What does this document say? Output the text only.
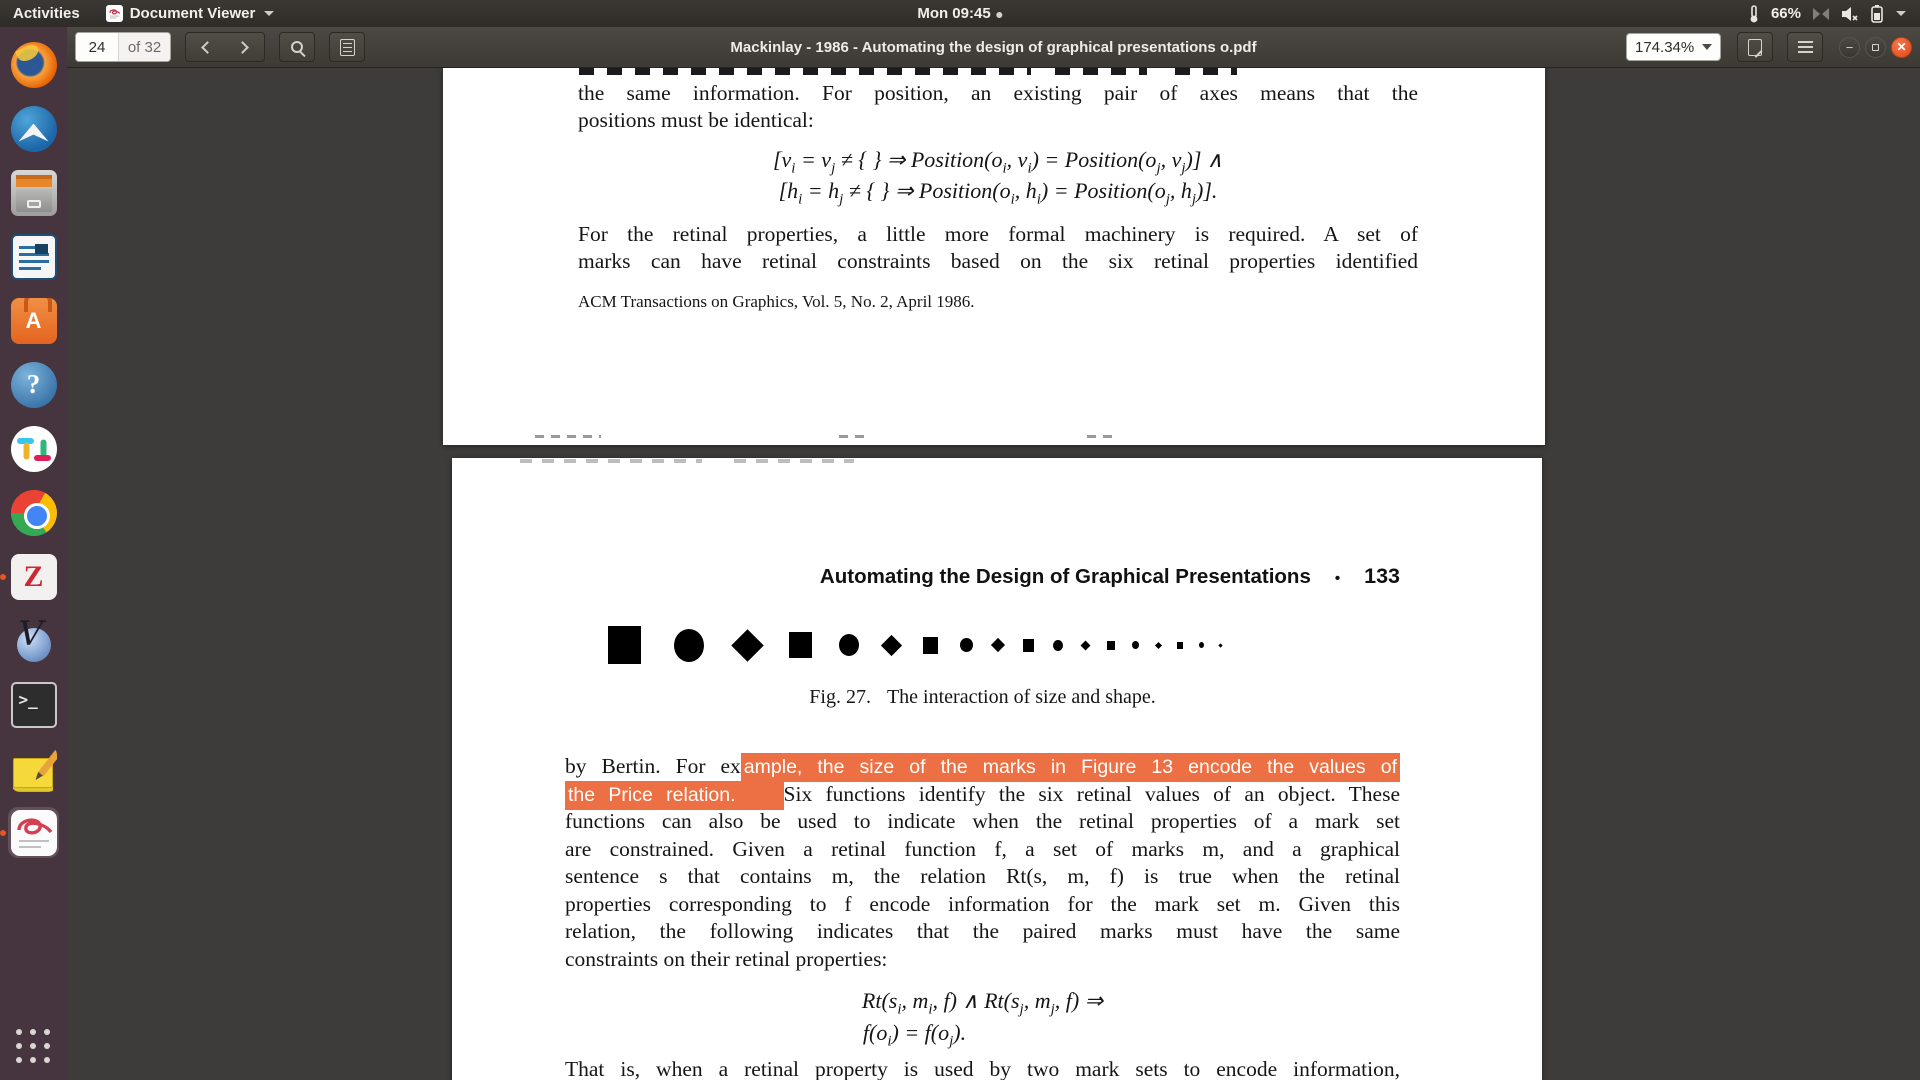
Activities	Document Viewer	Mon 09:45	66%
A
?
Z
V
>_
24
of 32	Mackinlay - 1986 - Automating the design of graphical presentations o.pdf	174.34%	−	✕

the same information. For position, an existing pair of axes means that the

positions must be identical:

[$v_i = v_j$ ≠ { } ⇒ $Position(o_i$, $v_i$) = $Position(o_j$, $v_j$)] ∧
[$h_i = h_j$ ≠ { } ⇒ $Position(o_i$, $h_i$) = $Position(o_j$, $h_j$)].

For the retinal properties, a little more formal machinery is required. A set of

marks can have retinal constraints based on the six retinal properties identified

ACM Transactions on Graphics, Vol. 5, No. 2, April 1986.

Automating the Design of Graphical Presentations • 133
Fig. 27. The interaction of size and shape.

by Bertin. For ex ample, the size of the marks in Figure 13 encode the values of

the Price relation. Six functions identify the six retinal values of an object. These

functions can also be used to indicate when the retinal properties of a mark set

are constrained. Given a retinal function f, a set of marks m, and a graphical

sentence s that contains m, the relation Rt(s, m, f) is true when the retinal

properties corresponding to f encode information for the mark set m. Given this

relation, the following indicates that the paired marks must have the same

constraints on their retinal properties:

$Rt(s_i$, $m_i$, f) ∧ $Rt(s_j$, $m_j$, f) ⇒
$f(o_i) = f(o_j)$.

That is, when a retinal property is used by two mark sets to encode information,
